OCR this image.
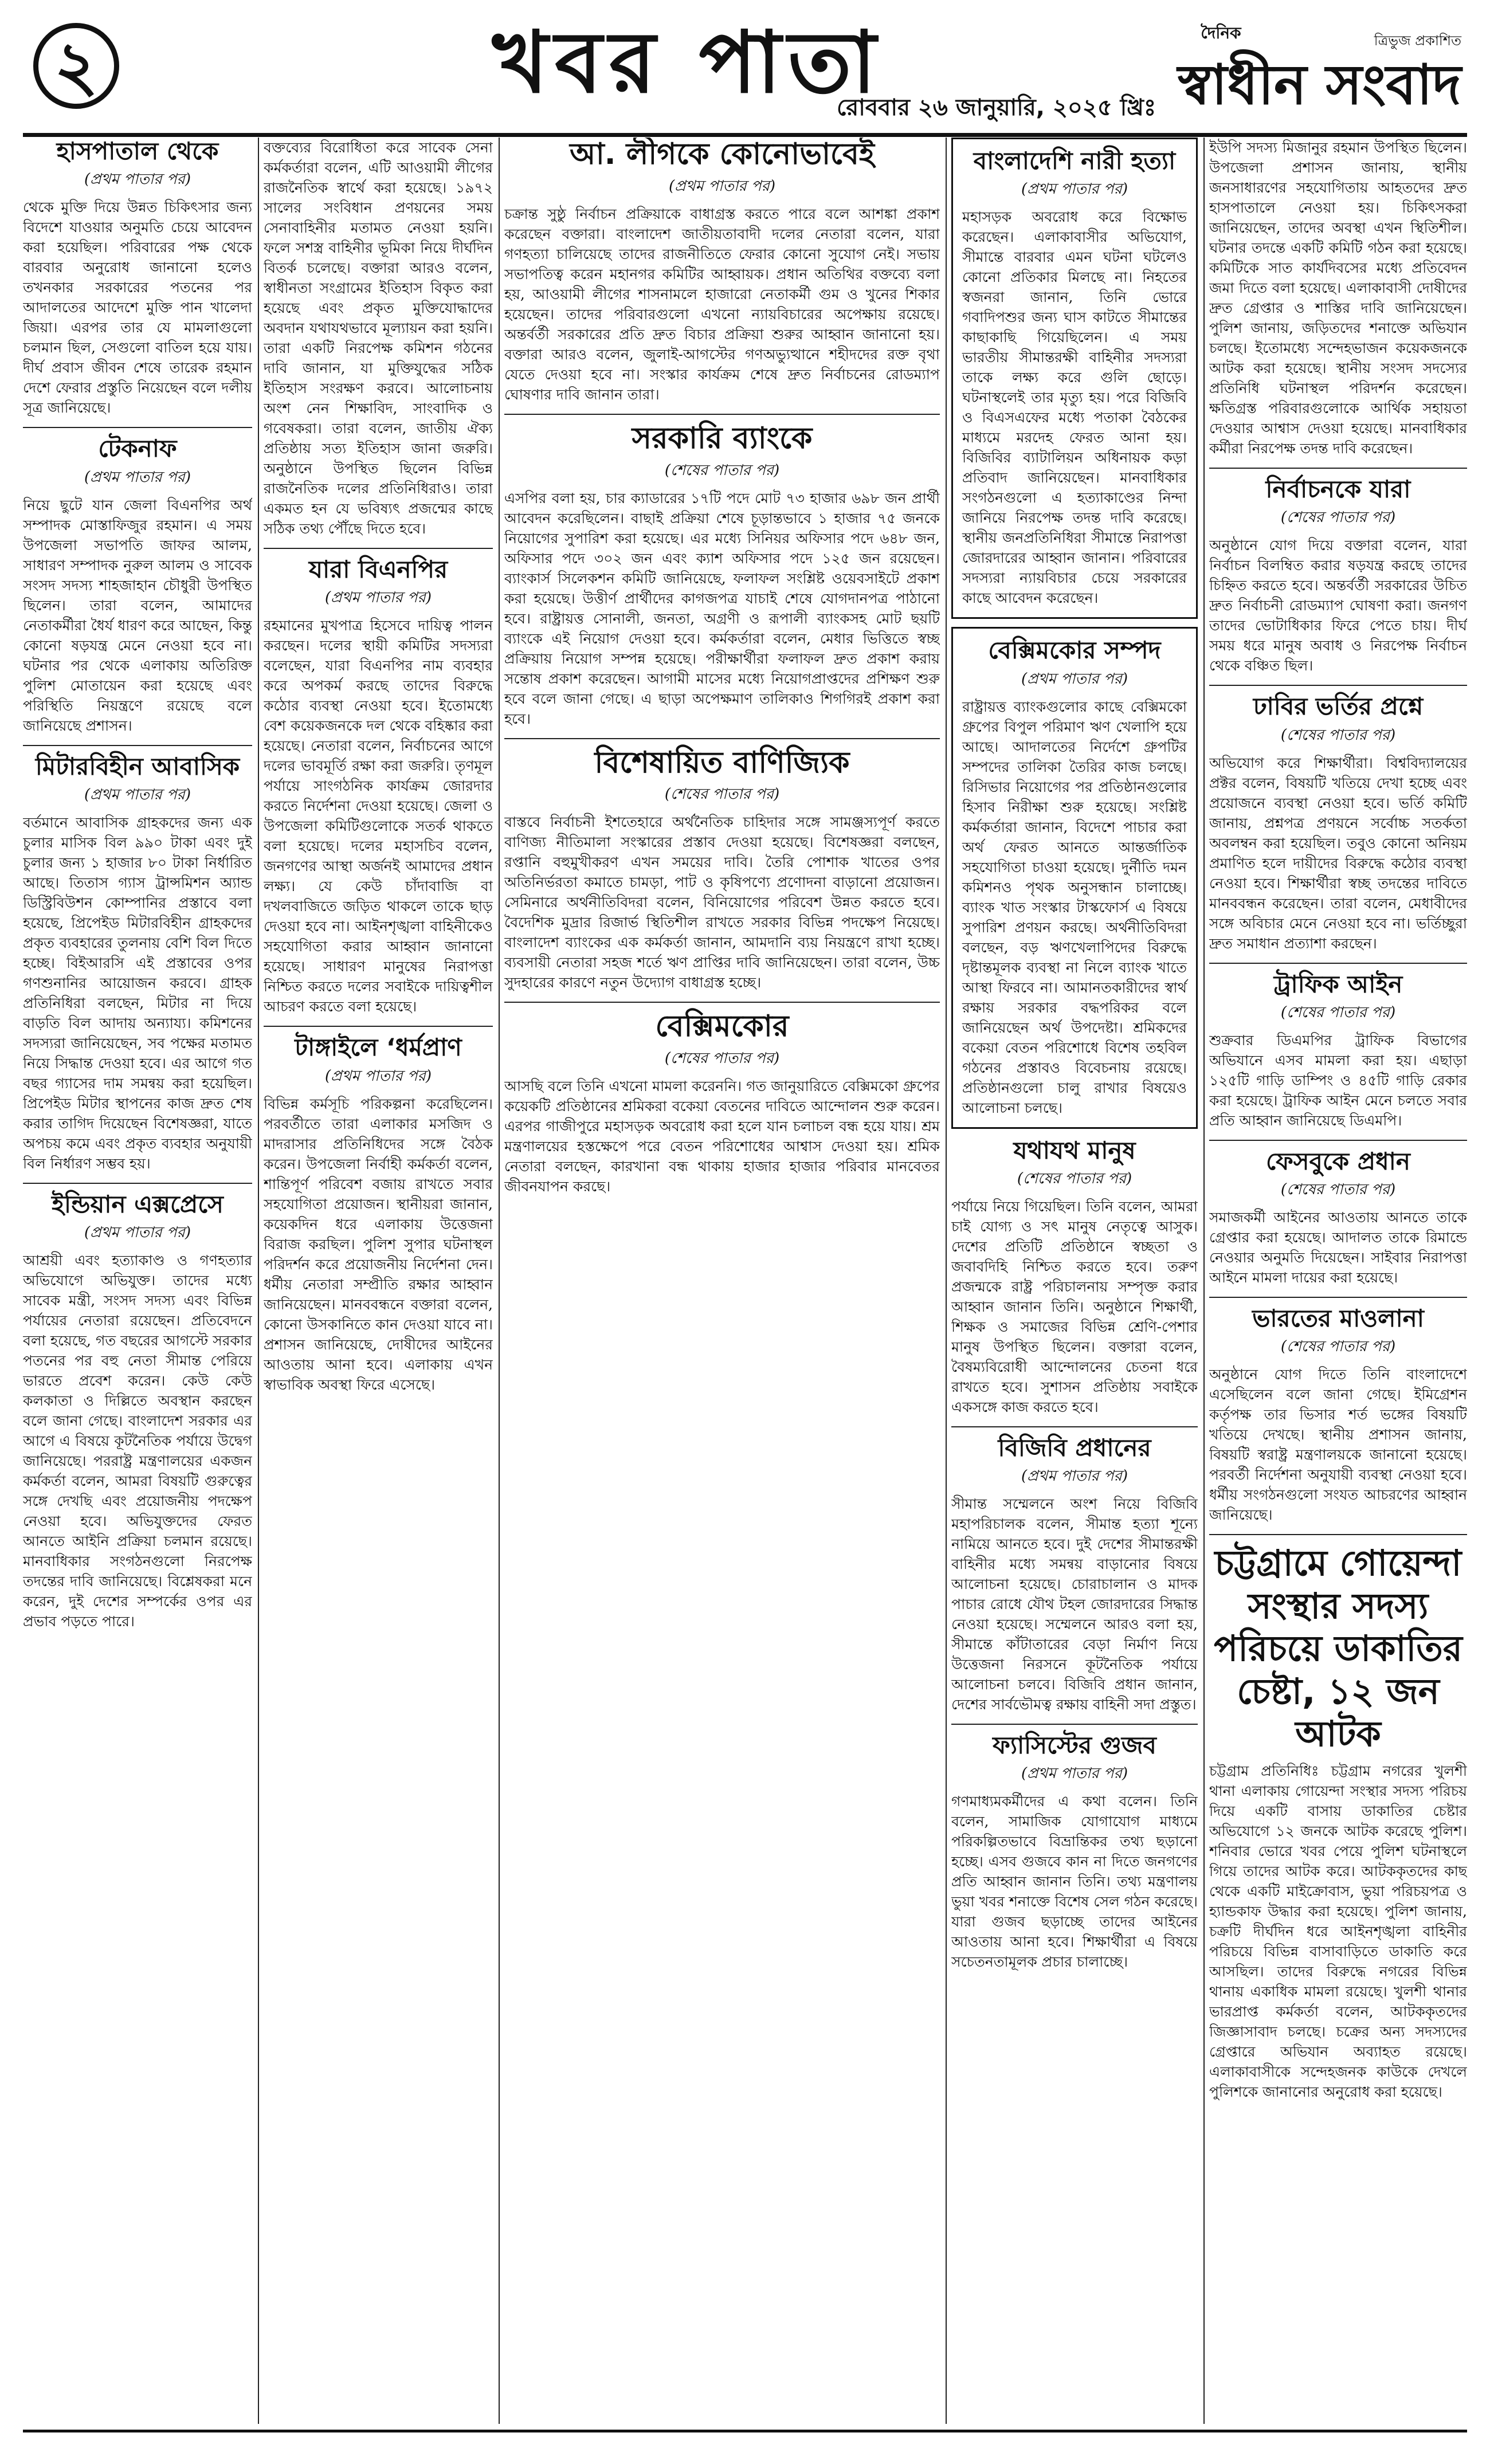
২	খবর পাতা
রোববার ২৬ জানুয়ারি, ২০২৫ খ্রিঃ
দৈনিক	ত্রিভুজ প্রকাশিত
স্বাধীন সংবাদ
হাসপাতাল থেকে
(প্রথম পাতার পর)
থেকে মুক্তি দিয়ে উন্নত চিকিৎসার জন্য বিদেশে যাওয়ার অনুমতি চেয়ে আবেদন করা হয়েছিল। পরিবারের পক্ষ থেকে বারবার অনুরোধ জানানো হলেও তখনকার সরকারের পতনের পর আদালতের আদেশে মুক্তি পান খালেদা জিয়া। এরপর তার যে মামলাগুলো চলমান ছিল, সেগুলো বাতিল হয়ে যায়। দীর্ঘ প্রবাস জীবন শেষে তারেক রহমান দেশে ফেরার প্রস্তুতি নিয়েছেন বলে দলীয় সূত্র জানিয়েছে।
টেকনাফ
(প্রথম পাতার পর)
নিয়ে ছুটে যান জেলা বিএনপির অর্থ সম্পাদক মোস্তাফিজুর রহমান। এ সময় উপজেলা সভাপতি জাফর আলম, সাধারণ সম্পাদক নুরুল আলম ও সাবেক সংসদ সদস্য শাহজাহান চৌধুরী উপস্থিত ছিলেন। তারা বলেন, আমাদের নেতাকর্মীরা ধৈর্য ধারণ করে আছেন, কিন্তু কোনো ষড়যন্ত্র মেনে নেওয়া হবে না। ঘটনার পর থেকে এলাকায় অতিরিক্ত পুলিশ মোতায়েন করা হয়েছে এবং পরিস্থিতি নিয়ন্ত্রণে রয়েছে বলে জানিয়েছে প্রশাসন।
মিটারবিহীন আবাসিক
(প্রথম পাতার পর)
বর্তমানে আবাসিক গ্রাহকদের জন্য এক চুলার মাসিক বিল ৯৯০ টাকা এবং দুই চুলার জন্য ১ হাজার ৮০ টাকা নির্ধারিত আছে। তিতাস গ্যাস ট্রান্সমিশন অ্যান্ড ডিস্ট্রিবিউশন কোম্পানির প্রস্তাবে বলা হয়েছে, প্রিপেইড মিটারবিহীন গ্রাহকদের প্রকৃত ব্যবহারের তুলনায় বেশি বিল দিতে হচ্ছে। বিইআরসি এই প্রস্তাবের ওপর গণশুনানির আয়োজন করবে। গ্রাহক প্রতিনিধিরা বলছেন, মিটার না দিয়ে বাড়তি বিল আদায় অন্যায্য। কমিশনের সদস্যরা জানিয়েছেন, সব পক্ষের মতামত নিয়ে সিদ্ধান্ত দেওয়া হবে। এর আগে গত বছর গ্যাসের দাম সমন্বয় করা হয়েছিল। প্রিপেইড মিটার স্থাপনের কাজ দ্রুত শেষ করার তাগিদ দিয়েছেন বিশেষজ্ঞরা, যাতে অপচয় কমে এবং প্রকৃত ব্যবহার অনুযায়ী বিল নির্ধারণ সম্ভব হয়।
ইন্ডিয়ান এক্সপ্রেসে
(প্রথম পাতার পর)
আশ্রয়ী এবং হত্যাকাণ্ড ও গণহত্যার অভিযোগে অভিযুক্ত। তাদের মধ্যে সাবেক মন্ত্রী, সংসদ সদস্য এবং বিভিন্ন পর্যায়ের নেতারা রয়েছেন। প্রতিবেদনে বলা হয়েছে, গত বছরের আগস্টে সরকার পতনের পর বহু নেতা সীমান্ত পেরিয়ে ভারতে প্রবেশ করেন। কেউ কেউ কলকাতা ও দিল্লিতে অবস্থান করছেন বলে জানা গেছে। বাংলাদেশ সরকার এর আগে এ বিষয়ে কূটনৈতিক পর্যায়ে উদ্বেগ জানিয়েছে। পররাষ্ট্র মন্ত্রণালয়ের একজন কর্মকর্তা বলেন, আমরা বিষয়টি গুরুত্বের সঙ্গে দেখছি এবং প্রয়োজনীয় পদক্ষেপ নেওয়া হবে। অভিযুক্তদের ফেরত আনতে আইনি প্রক্রিয়া চলমান রয়েছে। মানবাধিকার সংগঠনগুলো নিরপেক্ষ তদন্তের দাবি জানিয়েছে। বিশ্লেষকরা মনে করেন, দুই দেশের সম্পর্কের ওপর এর প্রভাব পড়তে পারে।
বক্তব্যের বিরোধিতা করে সাবেক সেনা কর্মকর্তারা বলেন, এটি আওয়ামী লীগের রাজনৈতিক স্বার্থে করা হয়েছে। ১৯৭২ সালের সংবিধান প্রণয়নের সময় সেনাবাহিনীর মতামত নেওয়া হয়নি। ফলে সশস্ত্র বাহিনীর ভূমিকা নিয়ে দীর্ঘদিন বিতর্ক চলেছে। বক্তারা আরও বলেন, স্বাধীনতা সংগ্রামের ইতিহাস বিকৃত করা হয়েছে এবং প্রকৃত মুক্তিযোদ্ধাদের অবদান যথাযথভাবে মূল্যায়ন করা হয়নি। তারা একটি নিরপেক্ষ কমিশন গঠনের দাবি জানান, যা মুক্তিযুদ্ধের সঠিক ইতিহাস সংরক্ষণ করবে। আলোচনায় অংশ নেন শিক্ষাবিদ, সাংবাদিক ও গবেষকরা। তারা বলেন, জাতীয় ঐক্য প্রতিষ্ঠায় সত্য ইতিহাস জানা জরুরি। অনুষ্ঠানে উপস্থিত ছিলেন বিভিন্ন রাজনৈতিক দলের প্রতিনিধিরাও। তারা একমত হন যে ভবিষ্যৎ প্রজন্মের কাছে সঠিক তথ্য পৌঁছে দিতে হবে।
যারা বিএনপির
(প্রথম পাতার পর)
রহমানের মুখপাত্র হিসেবে দায়িত্ব পালন করছেন। দলের স্থায়ী কমিটির সদস্যরা বলেছেন, যারা বিএনপির নাম ব্যবহার করে অপকর্ম করছে তাদের বিরুদ্ধে কঠোর ব্যবস্থা নেওয়া হবে। ইতোমধ্যে বেশ কয়েকজনকে দল থেকে বহিষ্কার করা হয়েছে। নেতারা বলেন, নির্বাচনের আগে দলের ভাবমূর্তি রক্ষা করা জরুরি। তৃণমূল পর্যায়ে সাংগঠনিক কার্যক্রম জোরদার করতে নির্দেশনা দেওয়া হয়েছে। জেলা ও উপজেলা কমিটিগুলোকে সতর্ক থাকতে বলা হয়েছে। দলের মহাসচিব বলেন, জনগণের আস্থা অর্জনই আমাদের প্রধান লক্ষ্য। যে কেউ চাঁদাবাজি বা দখলবাজিতে জড়িত থাকলে তাকে ছাড় দেওয়া হবে না। আইনশৃঙ্খলা বাহিনীকেও সহযোগিতা করার আহ্বান জানানো হয়েছে। সাধারণ মানুষের নিরাপত্তা নিশ্চিত করতে দলের সবাইকে দায়িত্বশীল আচরণ করতে বলা হয়েছে।
টাঙ্গাইলে ‘ধর্মপ্রাণ
(প্রথম পাতার পর)
বিভিন্ন কর্মসূচি পরিকল্পনা করেছিলেন। পরবর্তীতে তারা এলাকার মসজিদ ও মাদরাসার প্রতিনিধিদের সঙ্গে বৈঠক করেন। উপজেলা নির্বাহী কর্মকর্তা বলেন, শান্তিপূর্ণ পরিবেশ বজায় রাখতে সবার সহযোগিতা প্রয়োজন। স্থানীয়রা জানান, কয়েকদিন ধরে এলাকায় উত্তেজনা বিরাজ করছিল। পুলিশ সুপার ঘটনাস্থল পরিদর্শন করে প্রয়োজনীয় নির্দেশনা দেন। ধর্মীয় নেতারা সম্প্রীতি রক্ষার আহ্বান জানিয়েছেন। মানববন্ধনে বক্তারা বলেন, কোনো উসকানিতে কান দেওয়া যাবে না। প্রশাসন জানিয়েছে, দোষীদের আইনের আওতায় আনা হবে। এলাকায় এখন স্বাভাবিক অবস্থা ফিরে এসেছে।
আ. লীগকে কোনোভাবেই
(প্রথম পাতার পর)
চক্রান্ত সুষ্ঠু নির্বাচন প্রক্রিয়াকে বাধাগ্রস্ত করতে পারে বলে আশঙ্কা প্রকাশ করেছেন বক্তারা। বাংলাদেশ জাতীয়তাবাদী দলের নেতারা বলেন, যারা গণহত্যা চালিয়েছে তাদের রাজনীতিতে ফেরার কোনো সুযোগ নেই। সভায় সভাপতিত্ব করেন মহানগর কমিটির আহ্বায়ক। প্রধান অতিথির বক্তব্যে বলা হয়, আওয়ামী লীগের শাসনামলে হাজারো নেতাকর্মী গুম ও খুনের শিকার হয়েছেন। তাদের পরিবারগুলো এখনো ন্যায়বিচারের অপেক্ষায় রয়েছে। অন্তর্বর্তী সরকারের প্রতি দ্রুত বিচার প্রক্রিয়া শুরুর আহ্বান জানানো হয়। বক্তারা আরও বলেন, জুলাই-আগস্টের গণঅভ্যুত্থানে শহীদদের রক্ত বৃথা যেতে দেওয়া হবে না। সংস্কার কার্যক্রম শেষে দ্রুত নির্বাচনের রোডম্যাপ ঘোষণার দাবি জানান তারা।
সরকারি ব্যাংকে
(শেষের পাতার পর)
এসপির বলা হয়, চার ক্যাডারের ১৭টি পদে মোট ৭৩ হাজার ৬৯৮ জন প্রার্থী আবেদন করেছিলেন। বাছাই প্রক্রিয়া শেষে চূড়ান্তভাবে ১ হাজার ৭৫ জনকে নিয়োগের সুপারিশ করা হয়েছে। এর মধ্যে সিনিয়র অফিসার পদে ৬৪৮ জন, অফিসার পদে ৩০২ জন এবং ক্যাশ অফিসার পদে ১২৫ জন রয়েছেন। ব্যাংকার্স সিলেকশন কমিটি জানিয়েছে, ফলাফল সংশ্লিষ্ট ওয়েবসাইটে প্রকাশ করা হয়েছে। উত্তীর্ণ প্রার্থীদের কাগজপত্র যাচাই শেষে যোগদানপত্র পাঠানো হবে। রাষ্ট্রায়ত্ত সোনালী, জনতা, অগ্রণী ও রূপালী ব্যাংকসহ মোট ছয়টি ব্যাংকে এই নিয়োগ দেওয়া হবে। কর্মকর্তারা বলেন, মেধার ভিত্তিতে স্বচ্ছ প্রক্রিয়ায় নিয়োগ সম্পন্ন হয়েছে। পরীক্ষার্থীরা ফলাফল দ্রুত প্রকাশ করায় সন্তোষ প্রকাশ করেছেন। আগামী মাসের মধ্যে নিয়োগপ্রাপ্তদের প্রশিক্ষণ শুরু হবে বলে জানা গেছে। এ ছাড়া অপেক্ষমাণ তালিকাও শিগগিরই প্রকাশ করা হবে।
বিশেষায়িত বাণিজ্যিক
(শেষের পাতার পর)
বাস্তবে নির্বাচনী ইশতেহারে অর্থনৈতিক চাহিদার সঙ্গে সামঞ্জস্যপূর্ণ করতে বাণিজ্য নীতিমালা সংস্কারের প্রস্তাব দেওয়া হয়েছে। বিশেষজ্ঞরা বলছেন, রপ্তানি বহুমুখীকরণ এখন সময়ের দাবি। তৈরি পোশাক খাতের ওপর অতিনির্ভরতা কমাতে চামড়া, পাট ও কৃষিপণ্যে প্রণোদনা বাড়ানো প্রয়োজন। সেমিনারে অর্থনীতিবিদরা বলেন, বিনিয়োগের পরিবেশ উন্নত করতে হবে। বৈদেশিক মুদ্রার রিজার্ভ স্থিতিশীল রাখতে সরকার বিভিন্ন পদক্ষেপ নিয়েছে। বাংলাদেশ ব্যাংকের এক কর্মকর্তা জানান, আমদানি ব্যয় নিয়ন্ত্রণে রাখা হচ্ছে। ব্যবসায়ী নেতারা সহজ শর্তে ঋণ প্রাপ্তির দাবি জানিয়েছেন। তারা বলেন, উচ্চ সুদহারের কারণে নতুন উদ্যোগ বাধাগ্রস্ত হচ্ছে।
বেক্সিমকোর
(শেষের পাতার পর)
আসছি বলে তিনি এখনো মামলা করেননি। গত জানুয়ারিতে বেক্সিমকো গ্রুপের কয়েকটি প্রতিষ্ঠানের শ্রমিকরা বকেয়া বেতনের দাবিতে আন্দোলন শুরু করেন। এরপর গাজীপুরে মহাসড়ক অবরোধ করা হলে যান চলাচল বন্ধ হয়ে যায়। শ্রম মন্ত্রণালয়ের হস্তক্ষেপে পরে বেতন পরিশোধের আশ্বাস দেওয়া হয়। শ্রমিক নেতারা বলছেন, কারখানা বন্ধ থাকায় হাজার হাজার পরিবার মানবেতর জীবনযাপন করছে।
বাংলাদেশি নারী হত্যা
(প্রথম পাতার পর)
মহাসড়ক অবরোধ করে বিক্ষোভ করেছেন। এলাকাবাসীর অভিযোগ, সীমান্তে বারবার এমন ঘটনা ঘটলেও কোনো প্রতিকার মিলছে না। নিহতের স্বজনরা জানান, তিনি ভোরে গবাদিপশুর জন্য ঘাস কাটতে সীমান্তের কাছাকাছি গিয়েছিলেন। এ সময় ভারতীয় সীমান্তরক্ষী বাহিনীর সদস্যরা তাকে লক্ষ্য করে গুলি ছোড়ে। ঘটনাস্থলেই তার মৃত্যু হয়। পরে বিজিবি ও বিএসএফের মধ্যে পতাকা বৈঠকের মাধ্যমে মরদেহ ফেরত আনা হয়। বিজিবির ব্যাটালিয়ন অধিনায়ক কড়া প্রতিবাদ জানিয়েছেন। মানবাধিকার সংগঠনগুলো এ হত্যাকাণ্ডের নিন্দা জানিয়ে নিরপেক্ষ তদন্ত দাবি করেছে। স্থানীয় জনপ্রতিনিধিরা সীমান্তে নিরাপত্তা জোরদারের আহ্বান জানান। পরিবারের সদস্যরা ন্যায়বিচার চেয়ে সরকারের কাছে আবেদন করেছেন।
বেক্সিমকোর সম্পদ
(প্রথম পাতার পর)
রাষ্ট্রায়ত্ত ব্যাংকগুলোর কাছে বেক্সিমকো গ্রুপের বিপুল পরিমাণ ঋণ খেলাপি হয়ে আছে। আদালতের নির্দেশে গ্রুপটির সম্পদের তালিকা তৈরির কাজ চলছে। রিসিভার নিয়োগের পর প্রতিষ্ঠানগুলোর হিসাব নিরীক্ষা শুরু হয়েছে। সংশ্লিষ্ট কর্মকর্তারা জানান, বিদেশে পাচার করা অর্থ ফেরত আনতে আন্তর্জাতিক সহযোগিতা চাওয়া হয়েছে। দুর্নীতি দমন কমিশনও পৃথক অনুসন্ধান চালাচ্ছে। ব্যাংক খাত সংস্কার টাস্কফোর্স এ বিষয়ে সুপারিশ প্রণয়ন করছে। অর্থনীতিবিদরা বলছেন, বড় ঋণখেলাপিদের বিরুদ্ধে দৃষ্টান্তমূলক ব্যবস্থা না নিলে ব্যাংক খাতে আস্থা ফিরবে না। আমানতকারীদের স্বার্থ রক্ষায় সরকার বদ্ধপরিকর বলে জানিয়েছেন অর্থ উপদেষ্টা। শ্রমিকদের বকেয়া বেতন পরিশোধে বিশেষ তহবিল গঠনের প্রস্তাবও বিবেচনায় রয়েছে। প্রতিষ্ঠানগুলো চালু রাখার বিষয়েও আলোচনা চলছে।
যথাযথ মানুষ
(শেষের পাতার পর)
পর্যায়ে নিয়ে গিয়েছিল। তিনি বলেন, আমরা চাই যোগ্য ও সৎ মানুষ নেতৃত্বে আসুক। দেশের প্রতিটি প্রতিষ্ঠানে স্বচ্ছতা ও জবাবদিহি নিশ্চিত করতে হবে। তরুণ প্রজন্মকে রাষ্ট্র পরিচালনায় সম্পৃক্ত করার আহ্বান জানান তিনি। অনুষ্ঠানে শিক্ষার্থী, শিক্ষক ও সমাজের বিভিন্ন শ্রেণি-পেশার মানুষ উপস্থিত ছিলেন। বক্তারা বলেন, বৈষম্যবিরোধী আন্দোলনের চেতনা ধরে রাখতে হবে। সুশাসন প্রতিষ্ঠায় সবাইকে একসঙ্গে কাজ করতে হবে।
বিজিবি প্রধানের
(প্রথম পাতার পর)
সীমান্ত সম্মেলনে অংশ নিয়ে বিজিবি মহাপরিচালক বলেন, সীমান্ত হত্যা শূন্যে নামিয়ে আনতে হবে। দুই দেশের সীমান্তরক্ষী বাহিনীর মধ্যে সমন্বয় বাড়ানোর বিষয়ে আলোচনা হয়েছে। চোরাচালান ও মাদক পাচার রোধে যৌথ টহল জোরদারের সিদ্ধান্ত নেওয়া হয়েছে। সম্মেলনে আরও বলা হয়, সীমান্তে কাঁটাতারের বেড়া নির্মাণ নিয়ে উত্তেজনা নিরসনে কূটনৈতিক পর্যায়ে আলোচনা চলবে। বিজিবি প্রধান জানান, দেশের সার্বভৌমত্ব রক্ষায় বাহিনী সদা প্রস্তুত।
ফ্যাসিস্টের গুজব
(প্রথম পাতার পর)
গণমাধ্যমকর্মীদের এ কথা বলেন। তিনি বলেন, সামাজিক যোগাযোগ মাধ্যমে পরিকল্পিতভাবে বিভ্রান্তিকর তথ্য ছড়ানো হচ্ছে। এসব গুজবে কান না দিতে জনগণের প্রতি আহ্বান জানান তিনি। তথ্য মন্ত্রণালয় ভুয়া খবর শনাক্তে বিশেষ সেল গঠন করেছে। যারা গুজব ছড়াচ্ছে তাদের আইনের আওতায় আনা হবে। শিক্ষার্থীরা এ বিষয়ে সচেতনতামূলক প্রচার চালাচ্ছে।
ইউপি সদস্য মিজানুর রহমান উপস্থিত ছিলেন। উপজেলা প্রশাসন জানায়, স্থানীয় জনসাধারণের সহযোগিতায় আহতদের দ্রুত হাসপাতালে নেওয়া হয়। চিকিৎসকরা জানিয়েছেন, তাদের অবস্থা এখন স্থিতিশীল। ঘটনার তদন্তে একটি কমিটি গঠন করা হয়েছে। কমিটিকে সাত কার্যদিবসের মধ্যে প্রতিবেদন জমা দিতে বলা হয়েছে। এলাকাবাসী দোষীদের দ্রুত গ্রেপ্তার ও শাস্তির দাবি জানিয়েছেন। পুলিশ জানায়, জড়িতদের শনাক্তে অভিযান চলছে। ইতোমধ্যে সন্দেহভাজন কয়েকজনকে আটক করা হয়েছে। স্থানীয় সংসদ সদস্যের প্রতিনিধি ঘটনাস্থল পরিদর্শন করেছেন। ক্ষতিগ্রস্ত পরিবারগুলোকে আর্থিক সহায়তা দেওয়ার আশ্বাস দেওয়া হয়েছে। মানবাধিকার কর্মীরা নিরপেক্ষ তদন্ত দাবি করেছেন।
নির্বাচনকে যারা
(শেষের পাতার পর)
অনুষ্ঠানে যোগ দিয়ে বক্তারা বলেন, যারা নির্বাচন বিলম্বিত করার ষড়যন্ত্র করছে তাদের চিহ্নিত করতে হবে। অন্তর্বর্তী সরকারের উচিত দ্রুত নির্বাচনী রোডম্যাপ ঘোষণা করা। জনগণ তাদের ভোটাধিকার ফিরে পেতে চায়। দীর্ঘ সময় ধরে মানুষ অবাধ ও নিরপেক্ষ নির্বাচন থেকে বঞ্চিত ছিল।
ঢাবির ভর্তির প্রশ্নে
(শেষের পাতার পর)
অভিযোগ করে শিক্ষার্থীরা। বিশ্ববিদ্যালয়ের প্রক্টর বলেন, বিষয়টি খতিয়ে দেখা হচ্ছে এবং প্রয়োজনে ব্যবস্থা নেওয়া হবে। ভর্তি কমিটি জানায়, প্রশ্নপত্র প্রণয়নে সর্বোচ্চ সতর্কতা অবলম্বন করা হয়েছিল। তবুও কোনো অনিয়ম প্রমাণিত হলে দায়ীদের বিরুদ্ধে কঠোর ব্যবস্থা নেওয়া হবে। শিক্ষার্থীরা স্বচ্ছ তদন্তের দাবিতে মানববন্ধন করেছেন। তারা বলেন, মেধাবীদের সঙ্গে অবিচার মেনে নেওয়া হবে না। ভর্তিচ্ছুরা দ্রুত সমাধান প্রত্যাশা করছেন।
ট্রাফিক আইন
(শেষের পাতার পর)
শুক্রবার ডিএমপির ট্রাফিক বিভাগের অভিযানে এসব মামলা করা হয়। এছাড়া ১২৫টি গাড়ি ডাম্পিং ও ৪৫টি গাড়ি রেকার করা হয়েছে। ট্রাফিক আইন মেনে চলতে সবার প্রতি আহ্বান জানিয়েছে ডিএমপি।
ফেসবুকে প্রধান
(শেষের পাতার পর)
সমাজকর্মী আইনের আওতায় আনতে তাকে গ্রেপ্তার করা হয়েছে। আদালত তাকে রিমান্ডে নেওয়ার অনুমতি দিয়েছেন। সাইবার নিরাপত্তা আইনে মামলা দায়ের করা হয়েছে।
ভারতের মাওলানা
(শেষের পাতার পর)
অনুষ্ঠানে যোগ দিতে তিনি বাংলাদেশে এসেছিলেন বলে জানা গেছে। ইমিগ্রেশন কর্তৃপক্ষ তার ভিসার শর্ত ভঙ্গের বিষয়টি খতিয়ে দেখছে। স্থানীয় প্রশাসন জানায়, বিষয়টি স্বরাষ্ট্র মন্ত্রণালয়কে জানানো হয়েছে। পরবর্তী নির্দেশনা অনুযায়ী ব্যবস্থা নেওয়া হবে। ধর্মীয় সংগঠনগুলো সংযত আচরণের আহ্বান জানিয়েছে।
চট্টগ্রামে গোয়েন্দা সংস্থার সদস্য পরিচয়ে ডাকাতির চেষ্টা, ১২ জন আটক
চট্টগ্রাম প্রতিনিধিঃ চট্টগ্রাম নগরের খুলশী থানা এলাকায় গোয়েন্দা সংস্থার সদস্য পরিচয় দিয়ে একটি বাসায় ডাকাতির চেষ্টার অভিযোগে ১২ জনকে আটক করেছে পুলিশ। শনিবার ভোরে খবর পেয়ে পুলিশ ঘটনাস্থলে গিয়ে তাদের আটক করে। আটককৃতদের কাছ থেকে একটি মাইক্রোবাস, ভুয়া পরিচয়পত্র ও হ্যান্ডকাফ উদ্ধার করা হয়েছে। পুলিশ জানায়, চক্রটি দীর্ঘদিন ধরে আইনশৃঙ্খলা বাহিনীর পরিচয়ে বিভিন্ন বাসাবাড়িতে ডাকাতি করে আসছিল। তাদের বিরুদ্ধে নগরের বিভিন্ন থানায় একাধিক মামলা রয়েছে। খুলশী থানার ভারপ্রাপ্ত কর্মকর্তা বলেন, আটককৃতদের জিজ্ঞাসাবাদ চলছে। চক্রের অন্য সদস্যদের গ্রেপ্তারে অভিযান অব্যাহত রয়েছে। এলাকাবাসীকে সন্দেহজনক কাউকে দেখলে পুলিশকে জানানোর অনুরোধ করা হয়েছে।
